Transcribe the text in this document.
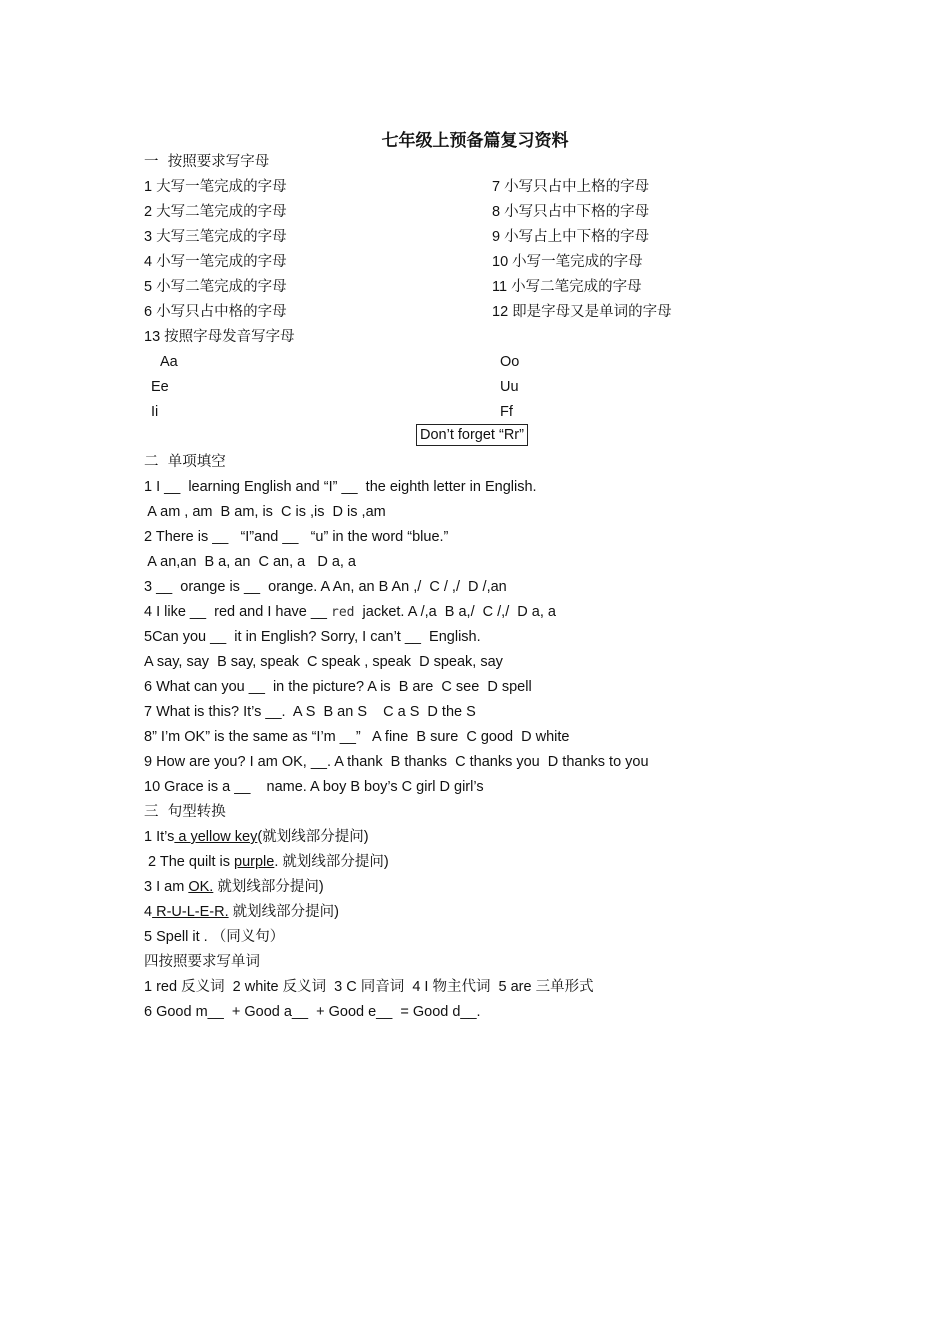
七年级上预备篇复习资料
一  按照要求写字母
1 大写一笔完成的字母
2 大写二笔完成的字母
3 大写三笔完成的字母
4 小写一笔完成的字母
5 小写二笔完成的字母
6 小写只占中格的字母
7 小写只占中上格的字母
8 小写只占中下格的字母
9 小写占上中下格的字母
10 小写一笔完成的字母
11 小写二笔完成的字母
12 即是字母又是单词的字母
13 按照字母发音写字母
Aa
Ee
Ii
Oo
Uu
Ff
Don’t forget “Rr”
二  单项填空
1 I __  learning English and “I” __  the eighth letter in English.
A am , am  B am, is  C is ,is  D is ,am
2 There is __   “I”and __   “u” in the word “blue.”
A an,an  B a, an  C an, a   D a, a
3 __  orange is __  orange. A An, an B An ,/  C / ,/  D /,an
4 I like __  red and I have __ red  jacket. A /,a  B a,/  C /,/  D a, a
5Can you __  it in English? Sorry, I can’t __  English.
A say, say  B say, speak  C speak , speak  D speak, say
6 What can you __  in the picture? A is  B are  C see  D spell
7 What is this? It’s __.  A S  B an S    C a S  D the S
8” I’m OK” is the same as “I’m __”   A fine  B sure  C good  D white
9 How are you? I am OK, __. A thank  B thanks  C thanks you  D thanks to you
10 Grace is a __    name. A boy B boy’s C girl D girl’s
三  句型转换
1 It’s a yellow key(就划线部分提问)
2 The quilt is purple. 就划线部分提问)
3 I am OK. 就划线部分提问)
4 R-U-L-E-R. 就划线部分提问)
5 Spell it . （同义句）
四按照要求写单词
1 red 反义词  2 white 反义词  3 C 同音词  4 I 物主代词  5 are 三单形式
6 Good m__  + Good a__  + Good e__  = Good d__.
